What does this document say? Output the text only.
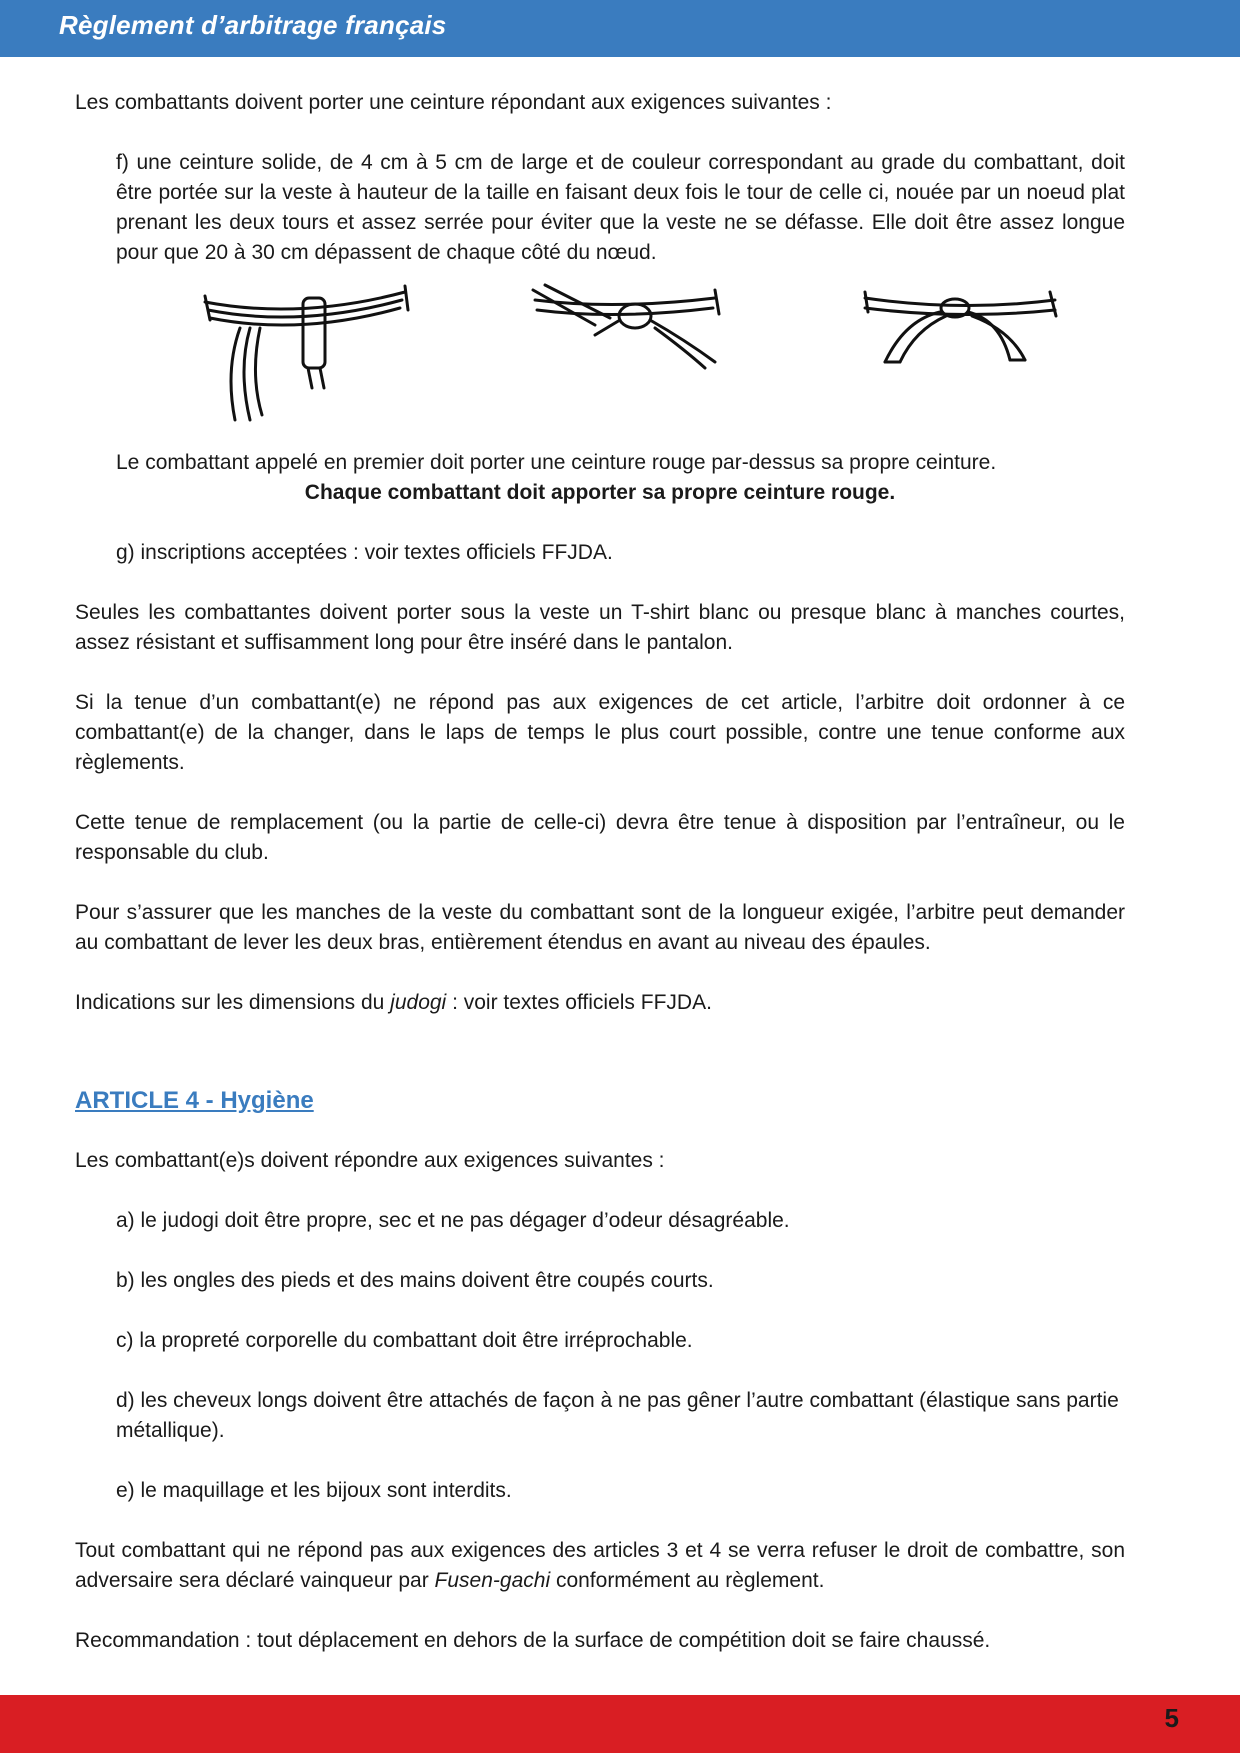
Règlement d’arbitrage français

Les combattants doivent porter une ceinture répondant aux exigences suivantes :

f) une ceinture solide, de 4 cm à 5 cm de large et de couleur correspondant au grade du combattant, doit être portée sur la veste à hauteur de la taille en faisant deux fois le tour de celle ci, nouée par un noeud plat prenant les deux tours et assez serrée pour éviter que la veste ne se défasse. Elle doit être assez longue pour que 20 à 30 cm dépassent de chaque côté du nœud.

Le combattant appelé en premier doit porter une ceinture rouge par-dessus sa propre ceinture.

Chaque combattant doit apporter sa propre ceinture rouge.

g) inscriptions acceptées : voir textes officiels FFJDA.

Seules les combattantes doivent porter sous la veste un T-shirt blanc ou presque blanc à manches courtes, assez résistant et suffisamment long pour être inséré dans le pantalon.

Si la tenue d’un combattant(e) ne répond pas aux exigences de cet article, l’arbitre doit ordonner à ce combattant(e) de la changer, dans le laps de temps le plus court possible, contre une tenue conforme aux règlements.

Cette tenue de remplacement (ou la partie de celle-ci) devra être tenue à disposition par l’entraîneur, ou le responsable du club.

Pour s’assurer que les manches de la veste du combattant sont de la longueur exigée, l’arbitre peut demander au combattant de lever les deux bras, entièrement étendus en avant au niveau des épaules.

Indications sur les dimensions du judogi : voir textes officiels FFJDA.

ARTICLE 4 - Hygiène

Les combattant(e)s doivent répondre aux exigences suivantes :

a) le judogi doit être propre, sec et ne pas dégager d’odeur désagréable.

b) les ongles des pieds et des mains doivent être coupés courts.

c) la propreté corporelle du combattant doit être irréprochable.

d) les cheveux longs doivent être attachés de façon à ne pas gêner l’autre combattant (élastique sans partie métallique).

e) le maquillage et les bijoux sont interdits.

Tout combattant qui ne répond pas aux exigences des articles 3 et 4 se verra refuser le droit de combattre, son adversaire sera déclaré vainqueur par Fusen-gachi conformément au règlement.

Recommandation : tout déplacement en dehors de la surface de compétition doit se faire chaussé.

5
